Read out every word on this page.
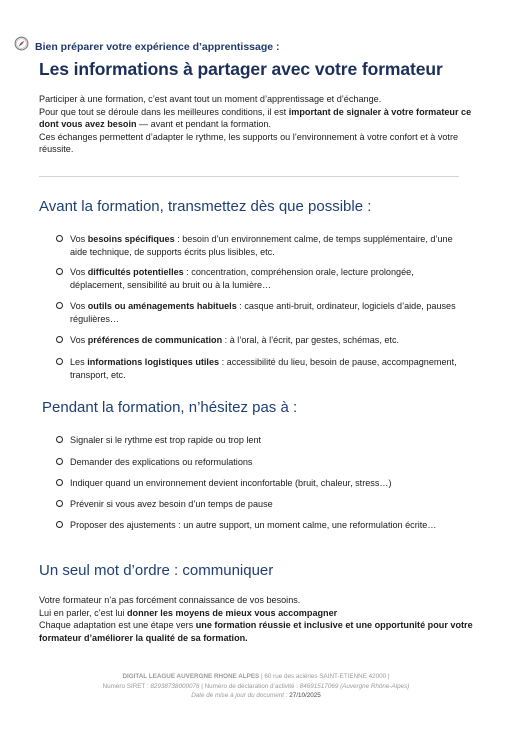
Bien préparer votre expérience d’apprentissage :
Les informations à partager avec votre formateur

Participer à une formation, c’est avant tout un moment d’apprentissage et d’échange.

Pour que tout se déroule dans les meilleures conditions, il est important de signaler à votre formateur ce dont vous avez besoin — avant et pendant la formation.

Ces échanges permettent d’adapter le rythme, les supports ou l’environnement à votre confort et à votre réussite.

Avant la formation, transmettez dès que possible :
Vos besoins spécifiques : besoin d’un environnement calme, de temps supplémentaire, d’une aide technique, de supports écrits plus lisibles, etc.
Vos difficultés potentielles : concentration, compréhension orale, lecture prolongée, déplacement, sensibilité au bruit ou à la lumière…
Vos outils ou aménagements habituels : casque anti-bruit, ordinateur, logiciels d’aide, pauses régulières…
Vos préférences de communication : à l’oral, à l’écrit, par gestes, schémas, etc.
Les informations logistiques utiles : accessibilité du lieu, besoin de pause, accompagnement, transport, etc.
Pendant la formation, n’hésitez pas à :
Signaler si le rythme est trop rapide ou trop lent
Demander des explications ou reformulations
Indiquer quand un environnement devient inconfortable (bruit, chaleur, stress…)
Prévenir si vous avez besoin d’un temps de pause
Proposer des ajustements : un autre support, un moment calme, une reformulation écrite…
Un seul mot d’ordre : communiquer

Votre formateur n’a pas forcément connaissance de vos besoins.

Lui en parler, c’est lui donner les moyens de mieux vous accompagner

Chaque adaptation est une étape vers une formation réussie et inclusive et une opportunité pour votre formateur d’améliorer la qualité de sa formation.

DIGITAL LEAGUE AUVERGNE RHONE ALPES | 60 rue des aciéries SAINT-ETIENNE 42000 |

Numéro SIRET : 82938738000076 | Numéro de déclaration d’activité : 84691517069 (Auvergne Rhône-Alpes)

Date de mise à jour du document : 27/10/2025
